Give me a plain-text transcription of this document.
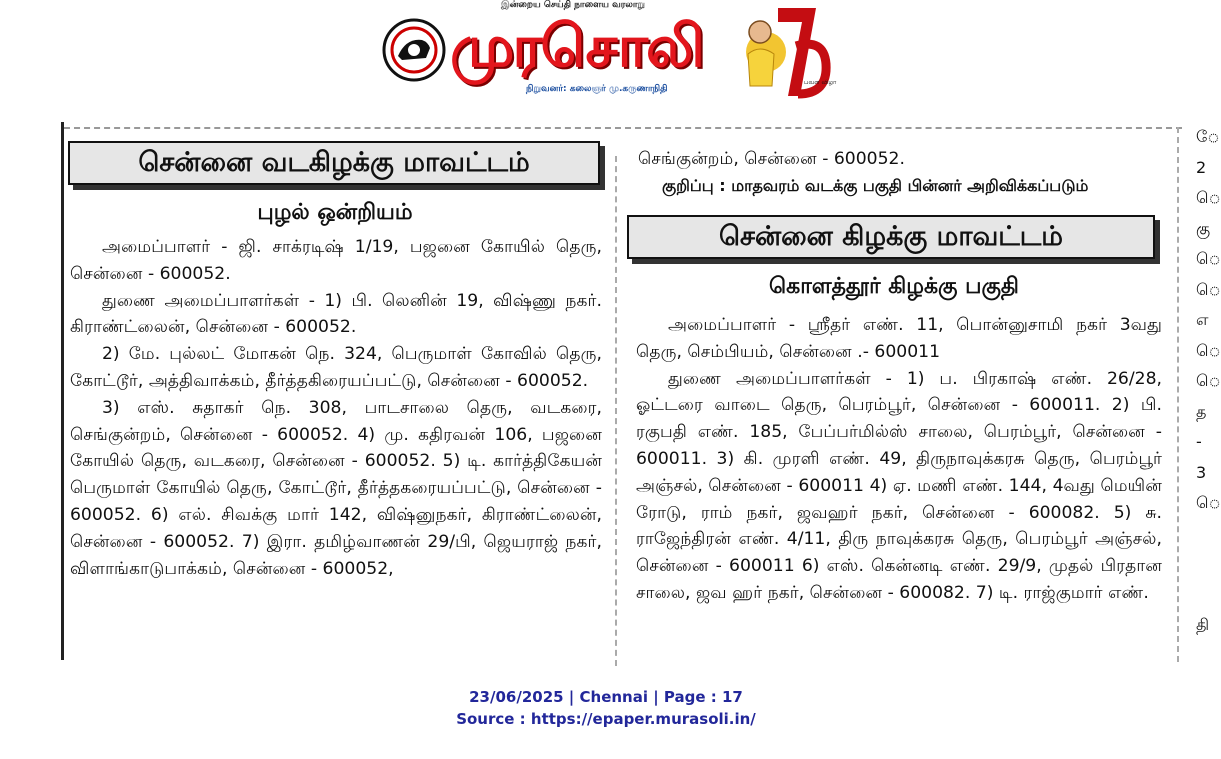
இன்றைய செய்தி நாளைய வரலாறு
முரசொலி
நிறுவனர்: கலைஞர் மு.கருணாநிதி
பவள விழா
சென்னை வடகிழக்கு மாவட்டம்
புழல் ஒன்றியம்

அமைப்பாளர் - ஜி. சாக்ரடிஷ் 1/19, பஜனை கோயில் தெரு, சென்னை - 600052.

துணை அமைப்பாளர்கள் - 1) பி. லெனின் 19, விஷ்ணு நகர். கிராண்ட்லைன், சென்னை - 600052.

2) மே. புல்லட் மோகன் நெ. 324, பெருமாள் கோவில் தெரு, கோட்டூர், அத்திவாக்கம், தீர்த்தகிரையப்பட்டு, சென்னை - 600052.

3) எஸ். சுதாகர் நெ. 308, பாடசாலை தெரு, வடகரை, செங்குன்றம், சென்னை - 600052. 4) மு. கதிரவன் 106, பஜனை கோயில் தெரு, வடகரை, சென்னை - 600052. 5) டி. கார்த்திகேயன் பெருமாள் கோயில் தெரு, கோட்டூர், தீர்த்தகரையப்பட்டு, சென்னை - 600052. 6) எல். சிவக்கு மார் 142, விஷ்னுநகர், கிராண்ட்லைன், சென்னை - 600052. 7) இரா. தமிழ்வாணன் 29/பி, ஜெயராஜ் நகர், விளாங்காடுபாக்கம், சென்னை - 600052,

செங்குன்றம், சென்னை - 600052.
குறிப்பு : மாதவரம் வடக்கு பகுதி பின்னர் அறிவிக்கப்படும்
சென்னை கிழக்கு மாவட்டம்
கொளத்தூர் கிழக்கு பகுதி

அமைப்பாளர் - ஸ்ரீதர் எண். 11, பொன்னுசாமி நகர் 3வது தெரு, செம்பியம், சென்னை .- 600011

துணை அமைப்பாளர்கள் - 1) ப. பிரகாஷ் எண். 26/28, ஓட்டரை வாடை தெரு, பெரம்பூர், சென்னை - 600011. 2) பி. ரகுபதி எண். 185, பேப்பர்மில்ஸ் சாலை, பெரம்பூர், சென்னை - 600011. 3) கி. முரளி எண். 49, திருநாவுக்கரசு தெரு, பெரம்பூர் அஞ்சல், சென்னை - 600011 4) ஏ. மணி எண். 144, 4வது மெயின் ரோடு, ராம் நகர், ஜவஹர் நகர், சென்னை - 600082. 5) சு. ராஜேந்திரன் எண். 4/11, திரு நாவுக்கரசு தெரு, பெரம்பூர் அஞ்சல், சென்னை - 600011 6) எஸ். கென்னடி எண். 29/9, முதல் பிரதான சாலை, ஜவ ஹர் நகர், சென்னை - 600082. 7) டி. ராஜ்குமார் எண்.

ே
2
ெ
கு
ெ
ெ
எ
ெ
ெ
த
-
3
ெ
தி
23/06/2025 | Chennai | Page : 17
Source : https://epaper.murasoli.in/
